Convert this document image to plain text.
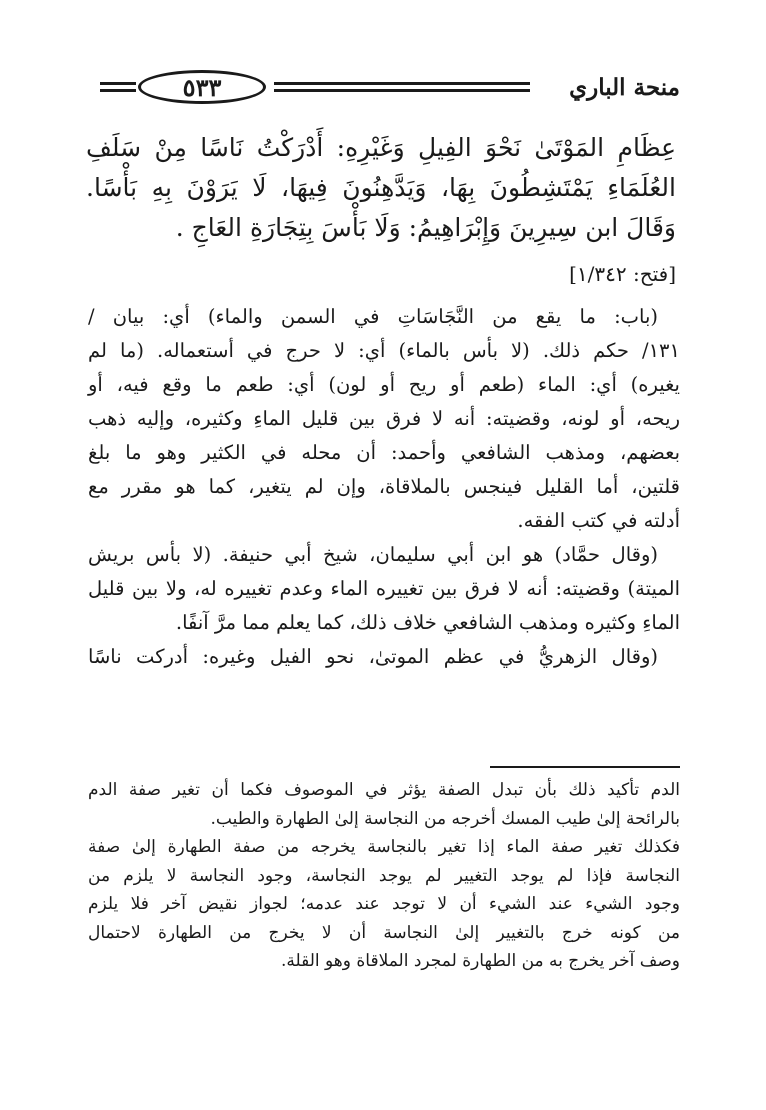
منحة الباري
٥٣٣
عِظَامِ المَوْتَىٰ نَحْوَ الفِيلِ وَغَيْرِهِ: أَدْرَكْتُ نَاسًا مِنْ سَلَفِ
العُلَمَاءِ يَمْتَشِطُونَ بِهَا، وَيَدَّهِنُونَ فِيهَا، لَا يَرَوْنَ بِهِ بَأْسًا.
وَقَالَ ابن سِيرِينَ وَإِبْرَاهِيمُ: وَلَا بَأْسَ بِتِجَارَةِ العَاجِ .
[فتح: ١/٣٤٢]

(باب: ما يقع من النَّجَاسَاتِ في السمن والماء) أي: بيان /
١٣١/ حكم ذلك. (لا بأس بالماء) أي: لا حرج في أستعماله. (ما لم
يغيره) أي: الماء (طعم أو ريح أو لون) أي: طعم ما وقع فيه، أو
ريحه، أو لونه، وقضيته: أنه لا فرق بين قليل الماءِ وكثيره، وإليه ذهب
بعضهم، ومذهب الشافعي وأحمد: أن محله في الكثير وهو ما بلغ
قلتين، أما القليل فينجس بالملاقاة، وإن لم يتغير، كما هو مقرر مع
أدلته في كتب الفقه.

(وقال حمَّاد) هو ابن أبي سليمان، شيخ أبي حنيفة. (لا بأس بريش
الميتة) وقضيته: أنه لا فرق بين تغييره الماء وعدم تغييره له، ولا بين قليل
الماءِ وكثيره ومذهب الشافعي خلاف ذلك، كما يعلم مما مرَّ آنفًا.

(وقال الزهريُّ في عظم الموتىٰ، نحو الفيل وغيره: أدركت ناسًا

الدم تأكيد ذلك بأن تبدل الصفة يؤثر في الموصوف فكما أن تغير صفة الدم
بالرائحة إلىٰ طيب المسك أخرجه من النجاسة إلىٰ الطهارة والطيب.
فكذلك تغير صفة الماء إذا تغير بالنجاسة يخرجه من صفة الطهارة إلىٰ صفة
النجاسة فإذا لم يوجد التغيير لم يوجد النجاسة، وجود النجاسة لا يلزم من
وجود الشيء عند الشيء أن لا توجد عند عدمه؛ لجواز نقيض آخر فلا يلزم
من كونه خرج بالتغيير إلىٰ النجاسة أن لا يخرج من الطهارة لاحتمال
وصف آخر يخرج به من الطهارة لمجرد الملاقاة وهو القلة.
